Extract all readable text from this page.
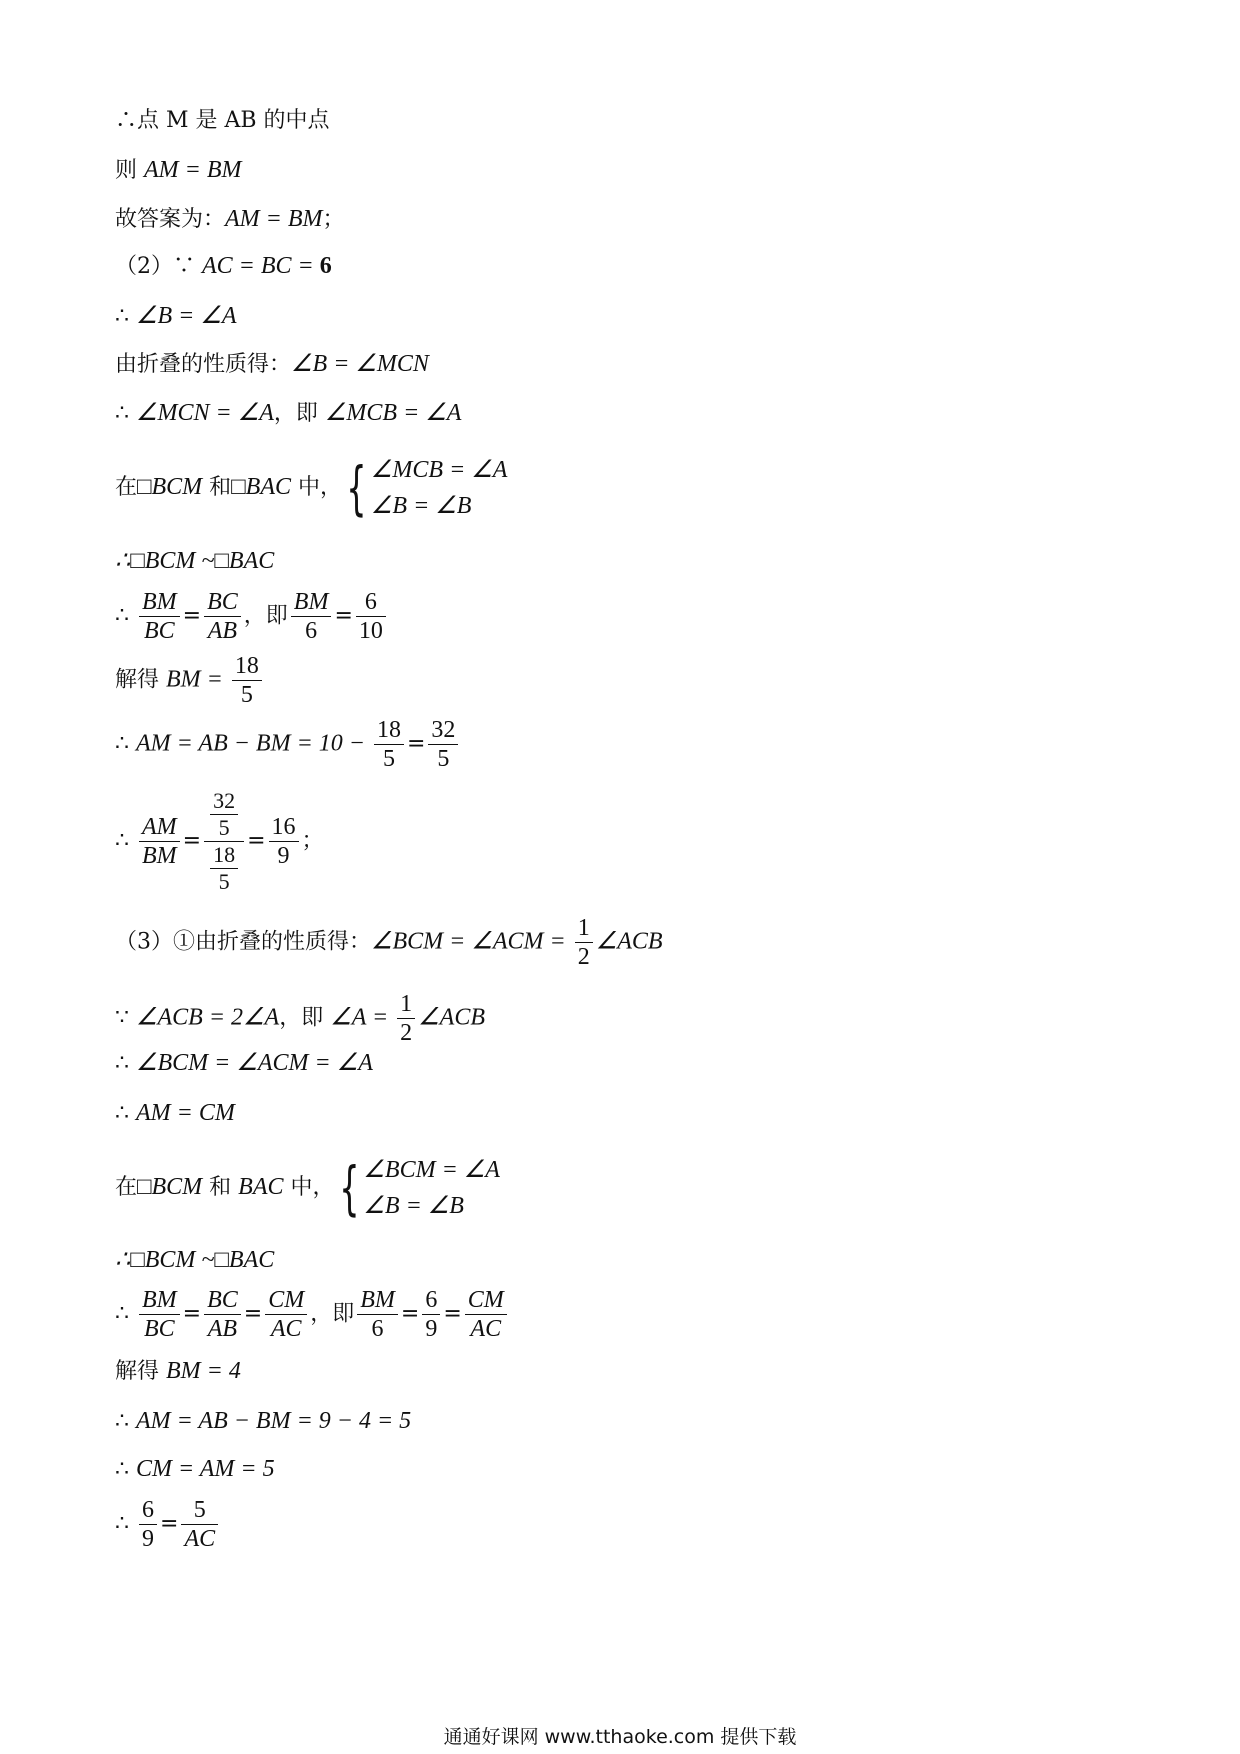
∴点 M 是 AB 的中点
则 AM = BM
故答案为：AM = BM；
（2）∵ AC = BC = 6
∴ ∠B = ∠A
由折叠的性质得：∠B = ∠MCN
∴ ∠MCN = ∠A，即 ∠MCB = ∠A
在□BCM 和□BAC 中，{ ∠MCB = ∠A
∠B = ∠B
∴□BCM ~□BAC
∴ $\frac{BM}{BC} = \frac{BC}{AB}$ ，即 $\frac{BM}{6} = \frac{6}{10}$
解得 BM = $\frac{18}{5}$
∴ AM = AB − BM = $10 - \frac{18}{5} = \frac{32}{5}$
∴ $\frac{AM}{BM} = \frac{\frac{32}{5}}{\frac{18}{5}} = \frac{16}{9}$ ；
（3）①由折叠的性质得：∠BCM = ∠ACM = $\frac{1}{2}$ ∠ACB
∵ ∠ACB = 2∠A，即 ∠A = $\frac{1}{2}$ ∠ACB
∴ ∠BCM = ∠ACM = ∠A
∴ AM = CM
在□BCM 和 BAC 中，{ ∠BCM = ∠A
∠B = ∠B
∴□BCM ~□BAC
∴ $\frac{BM}{BC} = \frac{BC}{AB} = \frac{CM}{AC}$ ，即 $\frac{BM}{6} = \frac{6}{9} = \frac{CM}{AC}$
解得 BM = 4
∴ AM = AB − BM = 9 − 4 = 5
∴ CM = AM = 5
∴ $\frac{6}{9} = \frac{5}{AC}$
通通好课网 www.tthaoke.com 提供下载
